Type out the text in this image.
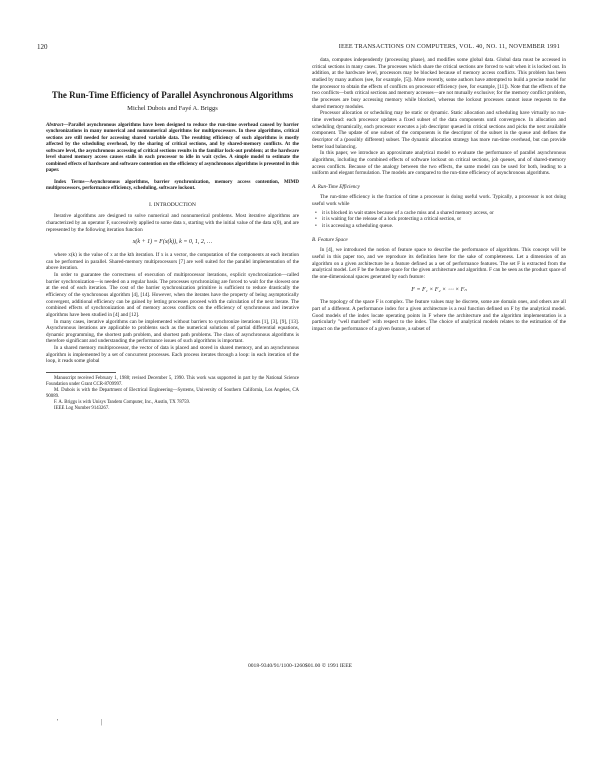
120	IEEE TRANSACTIONS ON COMPUTERS, VOL. 40, NO. 11, NOVEMBER 1991
The Run-Time Efficiency of Parallel Asynchronous Algorithms
Michel Dubois and Fayé A. Briggs

Abstract—Parallel asynchronous algorithms have been designed to reduce the run-time overhead caused by barrier synchronizations in many numerical and nonnumerical algorithms for multiprocessors. In these algorithms, critical sections are still needed for accessing shared variable data. The resulting efficiency of such algorithms is mostly affected by the scheduling overhead, by the sharing of critical sections, and by shared-memory conflicts. At the software level, the asynchronous accessing of critical sections results in the familiar lock-out problem; at the hardware level shared memory access causes stalls in each processor to idle in wait cycles. A simple model to estimate the combined effects of hardware and software contention on the efficiency of asynchronous algorithms is presented in this paper.

Index Terms—Asynchronous algorithms, barrier synchronization, memory access contention, MIMD multiprocessors, performance efficiency, scheduling, software lockout.

I. INTRODUCTION

Iterative algorithms are designed to solve numerical and nonnumerical problems. Most iterative algorithms are characterized by an operator F, successively applied to some data x, starting with the initial value of the data x(0), and are represented by the following iteration function

x(k + 1) = F(x(k)), k = 0, 1, 2, …

where x(k) is the value of x at the kth iteration. If x is a vector, the computation of the components at each iteration can be performed in parallel. Shared-memory multiprocessors [7] are well suited for the parallel implementation of the above iteration.

In order to guarantee the correctness of execution of multiprocessor iterations, explicit synchronization—called barrier synchronization—is needed on a regular basis. The processes synchronizing are forced to wait for the slowest one at the end of each iteration. The cost of the barrier synchronization primitive is sufficient to reduce drastically the efficiency of the synchronous algorithm [4], [14]. However, when the iterates have the property of being asymptotically convergent, additional efficiency can be gained by letting processes proceed with the calculation of the next iterate. The combined effects of synchronization and of memory access conflicts on the efficiency of synchronous and iterative algorithms have been studied in [4] and [12].

In many cases, iterative algorithms can be implemented without barriers to synchronize iterations [1], [3], [9], [13]. Asynchronous iterations are applicable to problems such as the numerical solutions of partial differential equations, dynamic programming, the shortest path problem, and shortest path problems. The class of asynchronous algorithms is therefore significant and understanding the performance issues of such algorithms is important.

In a shared memory multiprocessor, the vector of data is placed and stored in shared memory, and an asynchronous algorithm is implemented by a set of concurrent processes. Each process iterates through a loop: in each iteration of the loop, it reads some global

Manuscript received February 1, 1988; revised December 5, 1990. This work was supported in part by the National Science Foundation under Grant CCR-8709997.

M. Dubois is with the Department of Electrical Engineering—Systems, University of Southern California, Los Angeles, CA 90089.

F. A. Briggs is with Unisys Tandem Computer, Inc., Austin, TX 78759.

IEEE Log Number 9143267.

data, computes independently (processing phase), and modifies some global data. Global data must be accessed in critical sections in many cases. The processes which share the critical sections are forced to wait when it is locked out. In addition, at the hardware level, processors may be blocked because of memory access conflicts. This problem has been studied by many authors (see, for example, [5]). More recently, some authors have attempted to build a precise model for the processor to obtain the effects of conflicts on processor efficiency (see, for example, [11]). Note that the effects of the two conflicts—both critical sections and memory accesses—are not mutually exclusive; for the memory conflict problem, the processes are busy accessing memory while blocked, whereas the lockout processes cannot issue requests to the shared memory modules.

Processor allocation or scheduling may be static or dynamic. Static allocation and scheduling have virtually no run-time overhead: each processor updates a fixed subset of the data components until convergence. In allocation and scheduling dynamically, each processor executes a job descriptor queued in critical sections and picks the next available component. The update of one subset of the components is the descriptor of the subset in the queue and defines the descriptor of a (possibly different) subset. The dynamic allocation strategy has more run-time overhead, but can provide better load balancing.

In this paper, we introduce an approximate analytical model to evaluate the performance of parallel asynchronous algorithms, including the combined effects of software lockout on critical sections, job queues, and of shared-memory access conflicts. Because of the analogy between the two effects, the same model can be used for both, leading to a uniform and elegant formulation. The models are compared to the run-time efficiency of asynchronous algorithms.

A. Run-Time Efficiency

The run-time efficiency is the fraction of time a processor is doing useful work. Typically, a processor is not doing useful work while

• it is blocked in wait states because of a cache miss and a shared memory access, or
• it is waiting for the release of a lock protecting a critical section, or
• it is accessing a scheduling queue.
B. Feature Space

In [4], we introduced the notion of feature space to describe the performance of algorithms. This concept will be useful in this paper too, and we reproduce its definition here for the sake of completeness. Let a dimension of an algorithm on a given architecture be a feature defined as a set of performance features. The set F is extracted from the analytical model. Let F be the feature space for the given architecture and algorithm. F can be seen as the product space of the one-dimensional spaces generated by each feature:

F = F₁ × F₂ × ⋯ × Fₙ

The topology of the space F is complex. The feature values may be discrete, some are domain ones, and others are all part of a different. A performance index for a given architecture is a real function defined on F by the analytical model. Good models of the index locate operating points in F where the architecture and the algorithm implementation is a particularly "well matched" with respect to the index. The choice of analytical models relates to the estimation of the impact on the performance of a given feature, a subset of

0018-9340/91/1100-1260$01.00 © 1991 IEEE
'	|
